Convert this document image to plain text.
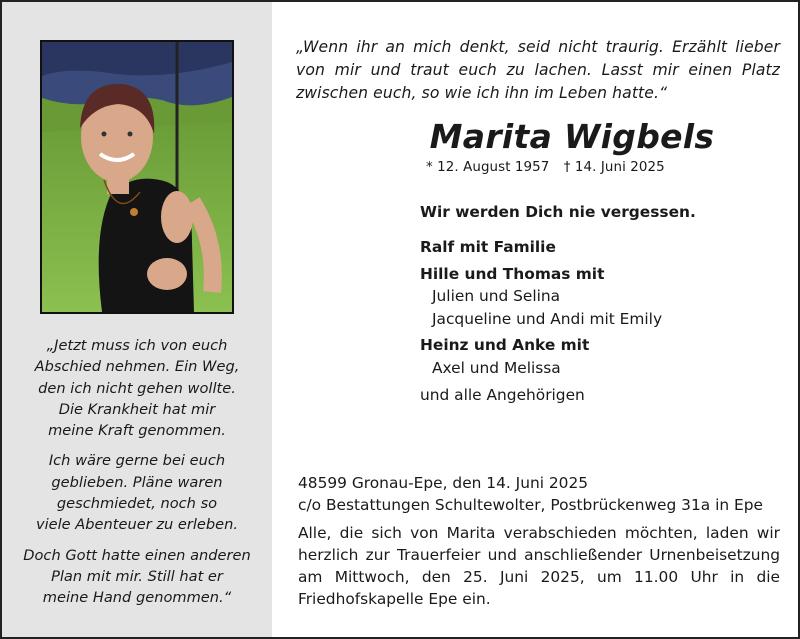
„Jetzt muss ich von euch
Abschied nehmen. Ein Weg,
den ich nicht gehen wollte.
Die Krankheit hat mir
meine Kraft genommen.

Ich wäre gerne bei euch
geblieben. Pläne waren
geschmiedet, noch so
viele Abenteuer zu erleben.

Doch Gott hatte einen anderen
Plan mit mir. Still hat er
meine Hand genommen.“

„Wenn ihr an mich denkt, seid nicht traurig. Erzählt lieber von mir und traut euch zu lachen. Lasst mir einen Platz zwischen euch, so wie ich ihn im Leben hatte.“

Marita Wigbels
* 12. August 1957 † 14. Juni 2025
Wir werden Dich nie vergessen.
Ralf mit Familie
Hille und Thomas mit
Julien und Selina
Jacqueline und Andi mit Emily
Heinz und Anke mit
Axel und Melissa
und alle Angehörigen

48599 Gronau-Epe, den 14. Juni 2025

c/o Bestattungen Schultewolter, Postbrückenweg 31a in Epe

Alle, die sich von Marita verabschieden möchten, laden wir herzlich zur Trauerfeier und anschließender Urnenbeisetzung am Mittwoch, den 25. Juni 2025, um 11.00 Uhr in die Friedhofskapelle Epe ein.
